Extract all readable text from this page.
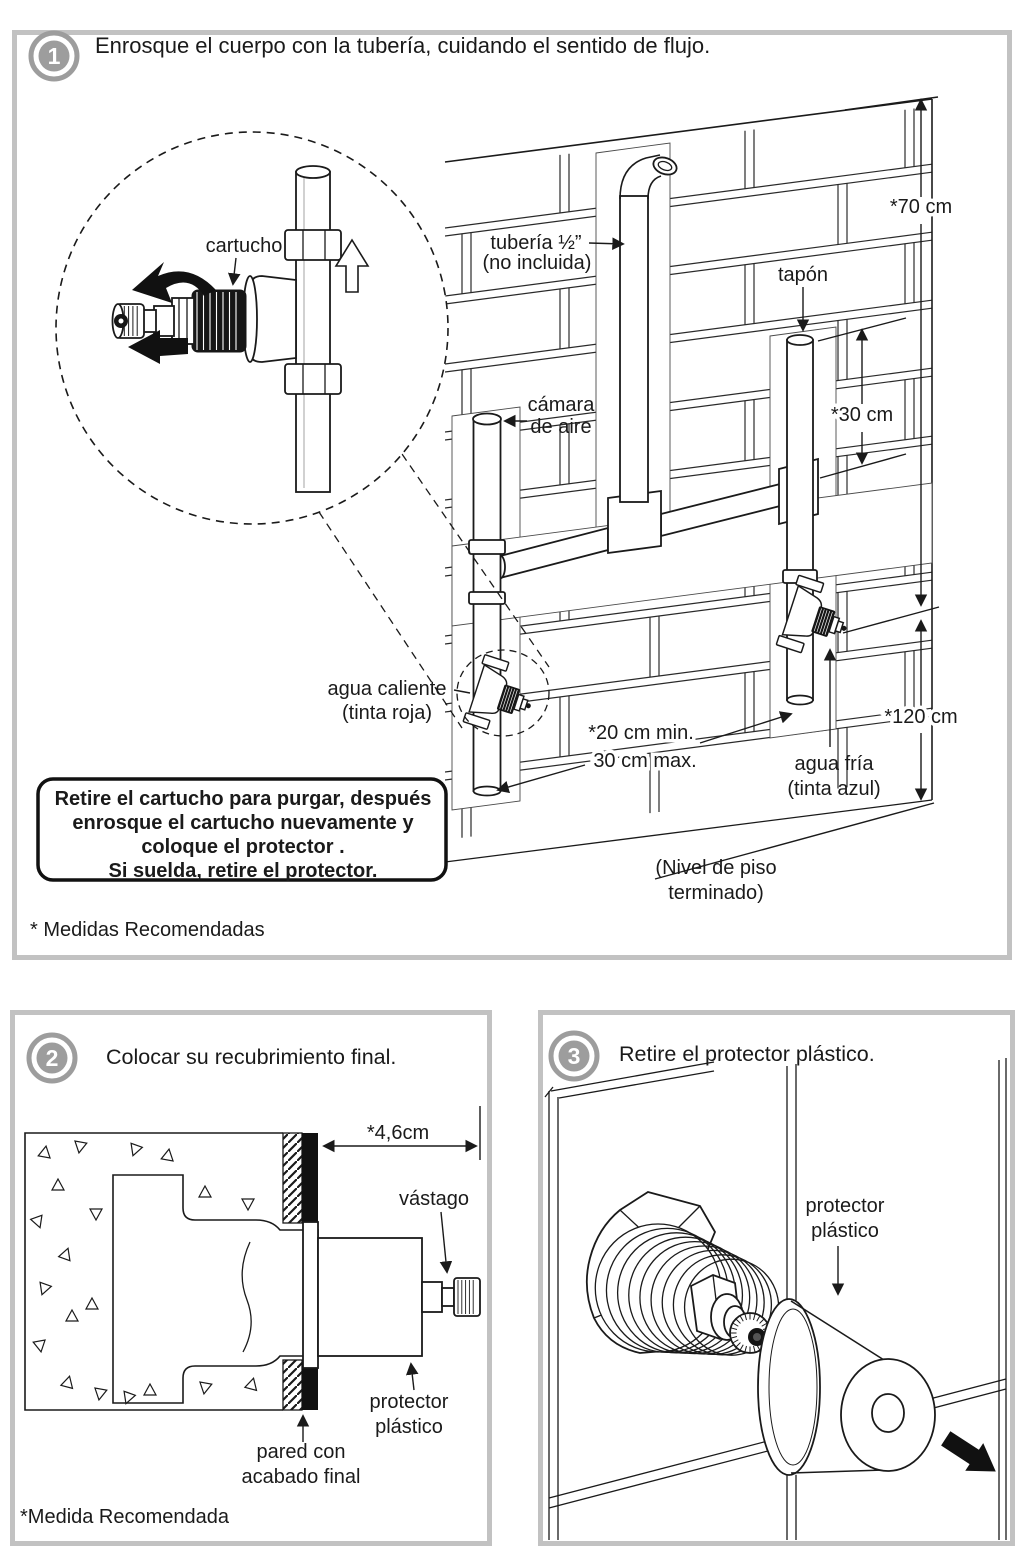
1 Enrosque el cuerpo con la tubería, cuidando el sentido de flujo.
cartucho	tubería ½”
(no incluida)
tapón
cámara
de aire
agua caliente
(tinta roja)
agua fría
(tinta azul)
(Nivel de piso
terminado)
*70 cm
*30 cm
*120 cm
*20 cm min.
30 cm max.
Retire el cartucho para purgar, después
enrosque el cartucho nuevamente y
coloque el protector .
Si suelda, retire el protector.
* Medidas Recomendadas
2 Colocar su recubrimiento final.
*4,6cm
vástago
protector
plástico
pared con
acabado final
*Medida Recomendada
3 Retire el protector plástico.
protector
plástico
